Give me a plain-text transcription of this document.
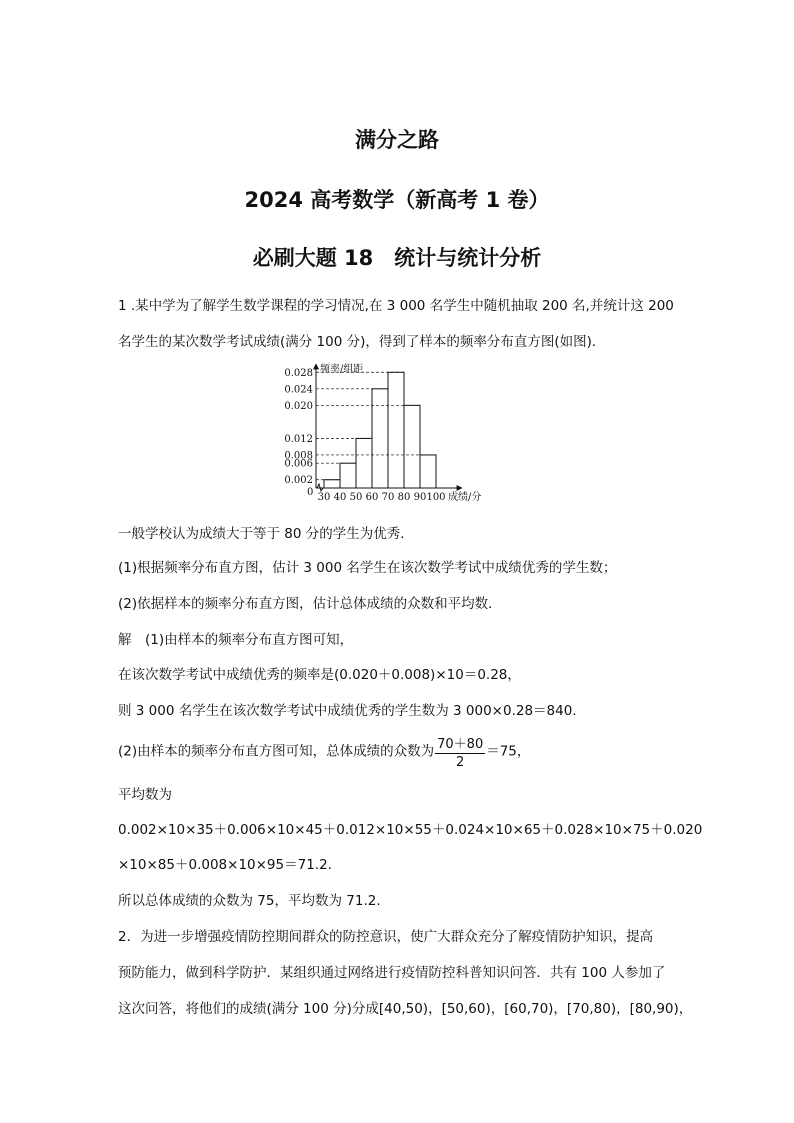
满分之路
2024 高考数学（新高考 1 卷）
必刷大题 18　统计与统计分析
1 .某中学为了解学生数学课程的学习情况,在 3 000 名学生中随机抽取 200 名,并统计这 200
名学生的某次数学考试成绩(满分 100 分)，得到了样本的频率分布直方图(如图)．
0.002
0.006
0.008
0.012
0.020
0.024
0.028
30 40 50 60 70 80 90 100
频率/组距
成绩/分
0
一般学校认为成绩大于等于 80 分的学生为优秀．
(1)根据频率分布直方图，估计 3 000 名学生在该次数学考试中成绩优秀的学生数；
(2)依据样本的频率分布直方图，估计总体成绩的众数和平均数．
解　(1)由样本的频率分布直方图可知，
在该次数学考试中成绩优秀的频率是(0.020＋0.008)×10＝0.28，
则 3 000 名学生在该次数学考试中成绩优秀的学生数为 3 000×0.28＝840.
(2)由样本的频率分布直方图可知，总体成绩的众数为 $\frac{70+80}{2} =75$，
平均数为
0.002×10×35＋0.006×10×45＋0.012×10×55＋0.024×10×65＋0.028×10×75＋0.020
×10×85＋0.008×10×95＝71.2.
所以总体成绩的众数为 75，平均数为 71.2.
2．为进一步增强疫情防控期间群众的防控意识，使广大群众充分了解疫情防护知识，提高
预防能力，做到科学防护．某组织通过网络进行疫情防控科普知识问答．共有 100 人参加了
这次问答，将他们的成绩(满分 100 分)分成[40,50)，[50,60)，[60,70)，[70,80)，[80,90)，
